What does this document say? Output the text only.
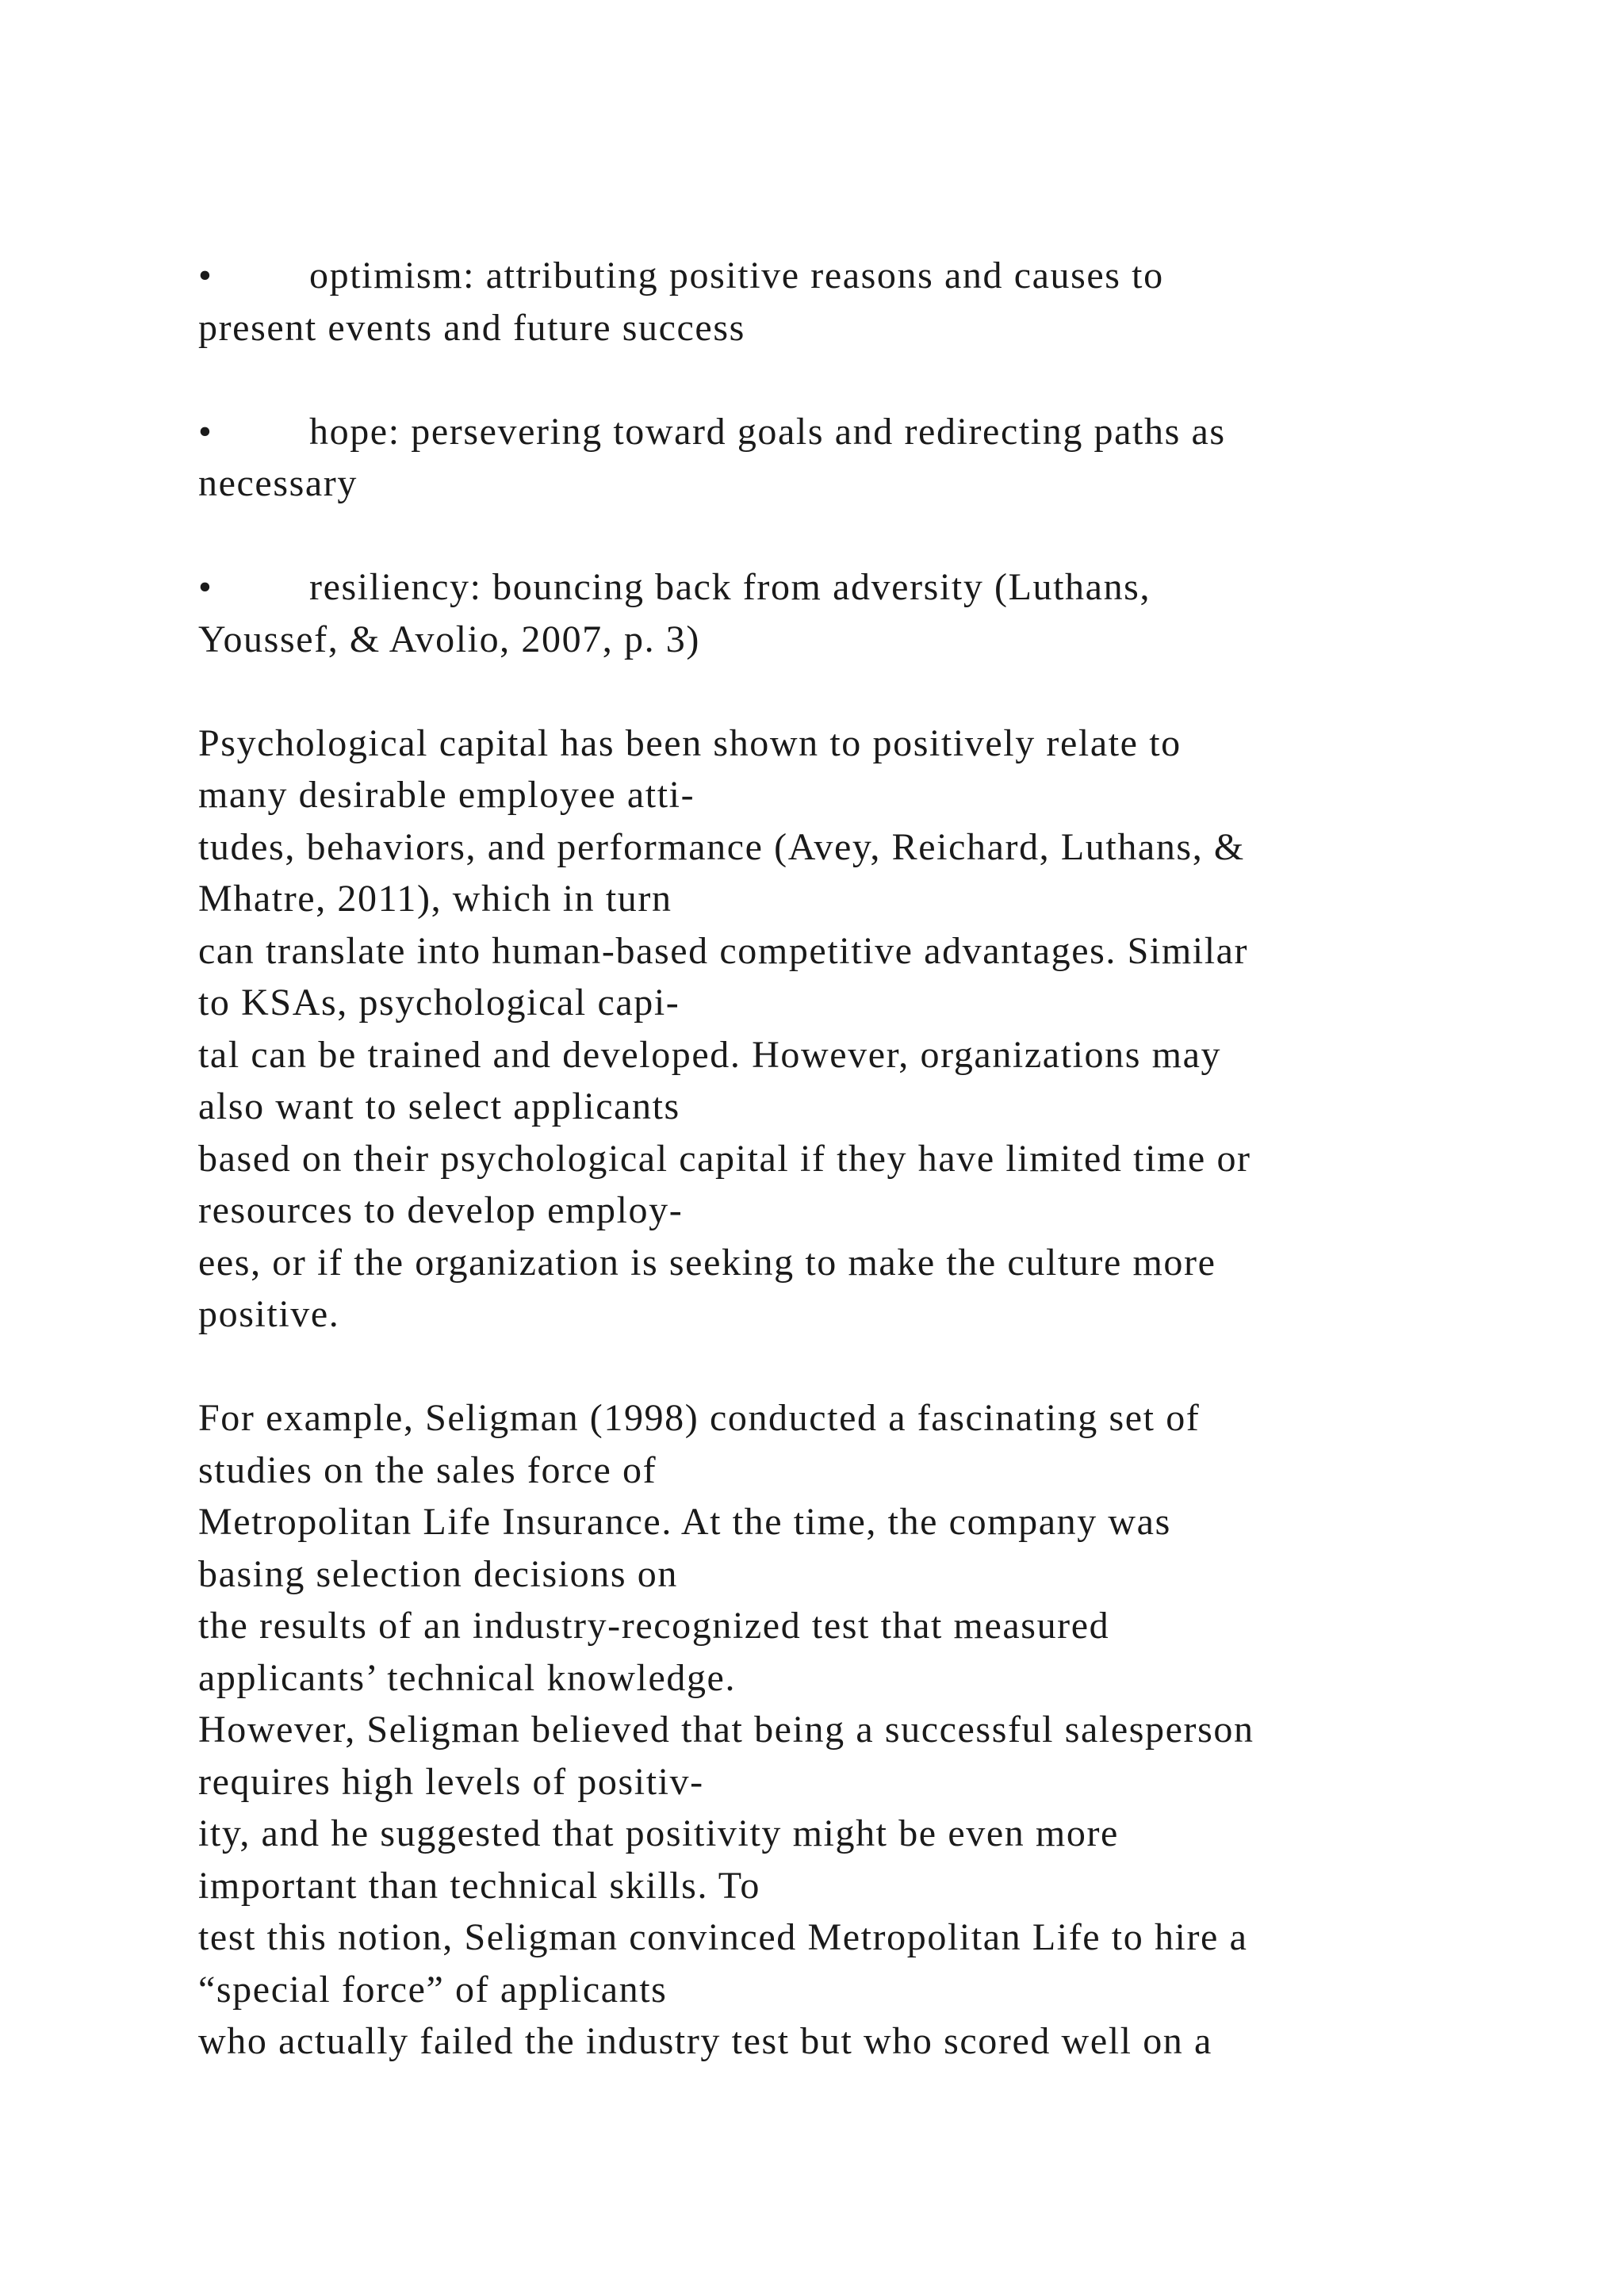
•	optimism: attributing positive reasons and causes to
present events and future success
•	hope: persevering toward goals and redirecting paths as
necessary
•	resiliency: bouncing back from adversity (Luthans,
Youssef, & Avolio, 2007, p. 3)
Psychological capital has been shown to positively relate to
many desirable employee atti-
tudes, behaviors, and performance (Avey, Reichard, Luthans, &
Mhatre, 2011), which in turn
can translate into human-based competitive advantages. Similar
to KSAs, psychological capi-
tal can be trained and developed. However, organizations may
also want to select applicants
based on their psychological capital if they have limited time or
resources to develop employ-
ees, or if the organization is seeking to make the culture more
positive.
For example, Seligman (1998) conducted a fascinating set of
studies on the sales force of
Metropolitan Life Insurance. At the time, the company was
basing selection decisions on
the results of an industry-recognized test that measured
applicants’ technical knowledge.
However, Seligman believed that being a successful salesperson
requires high levels of positiv-
ity, and he suggested that positivity might be even more
important than technical skills. To
test this notion, Seligman convinced Metropolitan Life to hire a
“special force” of applicants
who actually failed the industry test but who scored well on a
